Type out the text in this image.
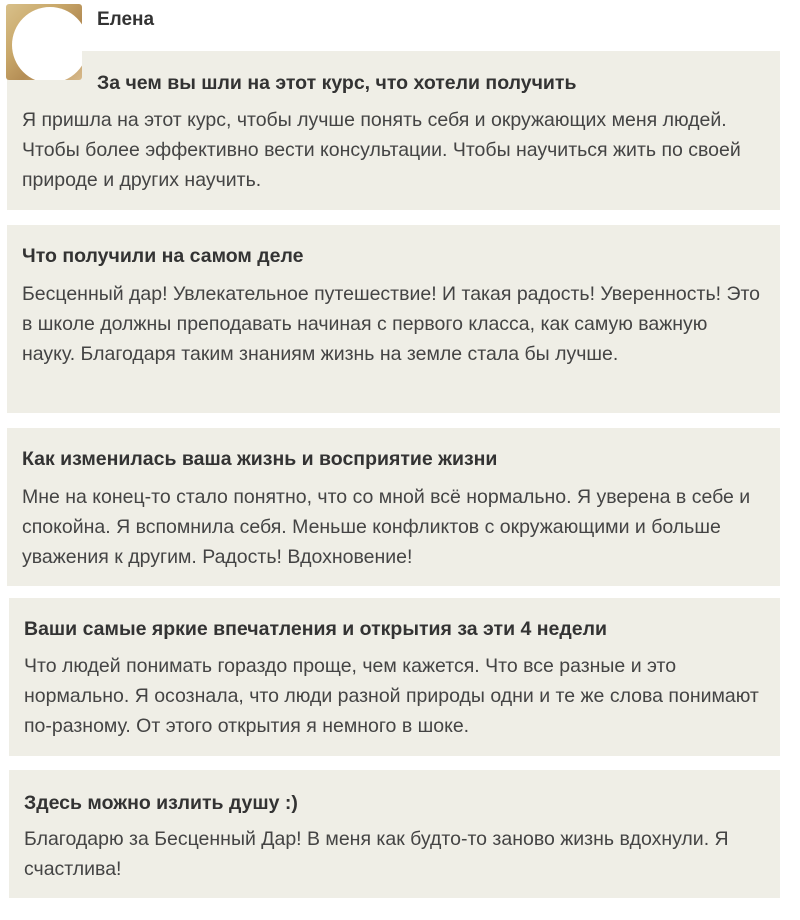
Елена
За чем вы шли на этот курс, что хотели получить
Я пришла на этот курс, чтобы лучше понять себя и окружающих меня людей. Чтобы более эффективно вести консультации. Чтобы научиться жить по своей природе и других научить.
Что получили на самом деле
Бесценный дар! Увлекательное путешествие! И такая радость! Уверенность! Это в школе должны преподавать начиная с первого класса, как самую важную науку. Благодаря таким знаниям жизнь на земле стала бы лучше.
Как изменилась ваша жизнь и восприятие жизни
Мне на конец-то стало понятно, что со мной всё нормально. Я уверена в себе и спокойна. Я вспомнила себя. Меньше конфликтов с окружающими и больше уважения к другим. Радость! Вдохновение!
Ваши самые яркие впечатления и открытия за эти 4 недели
Что людей понимать гораздо проще, чем кажется. Что все разные и это нормально. Я осознала, что люди разной природы одни и те же слова понимают по-разному. От этого открытия я немного в шоке.
Здесь можно излить душу :)
Благодарю за Бесценный Дар! В меня как будто-то заново жизнь вдохнули. Я счастлива!
